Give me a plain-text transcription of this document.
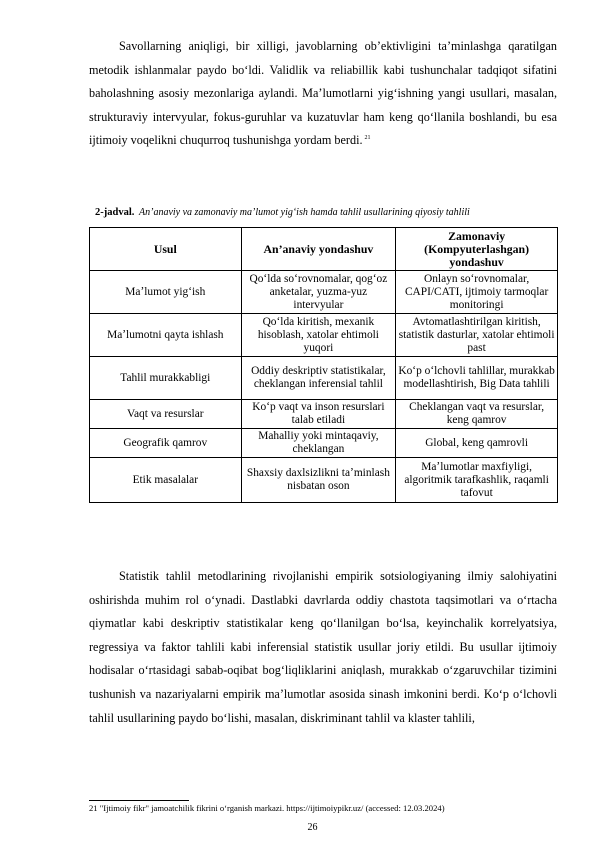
Savollarning aniqligi, bir xilligi, javoblarning obʼektivligini taʼminlashga qaratilgan metodik ishlanmalar paydo boʻldi. Validlik va reliabillik kabi tushunchalar tadqiqot sifatini baholashning asosiy mezonlariga aylandi. Maʼlumotlarni yigʻishning yangi usullari, masalan, strukturaviy intervyular, fokus-guruhlar va kuzatuvlar ham keng qoʻllanila boshlandi, bu esa ijtimoiy voqelikni chuqurroq tushunishga yordam berdi. $^{21}$

2-jadval. An’anaviy va zamonaviy maʼlumot yigʻish hamda tahlil usullarining qiyosiy tahlili
Usul	An’anaviy yondashuv	Zamonaviy (Kompyuterlashgan) yondashuv
Maʼlumot yigʻish	Qoʻlda soʻrovnomalar, qogʻoz anketalar, yuzma-yuz intervyular	Onlayn soʻrovnomalar, CAPI/CATI, ijtimoiy tarmoqlar monitoringi
Maʼlumotni qayta ishlash	Qoʻlda kiritish, mexanik hisoblash, xatolar ehtimoli yuqori	Avtomatlashtirilgan kiritish, statistik dasturlar, xatolar ehtimoli past
Tahlil murakkabligi	Oddiy deskriptiv statistikalar, cheklangan inferensial tahlil	Koʻp oʻlchovli tahlillar, murakkab modellashtirish, Big Data tahlili
Vaqt va resurslar	Koʻp vaqt va inson resurslari talab etiladi	Cheklangan vaqt va resurslar, keng qamrov
Geografik qamrov	Mahalliy yoki mintaqaviy, cheklangan	Global, keng qamrovli
Etik masalalar	Shaxsiy daxlsizlikni taʼminlash nisbatan oson	Maʼlumotlar maxfiyligi, algoritmik tarafkashlik, raqamli tafovut

Statistik tahlil metodlarining rivojlanishi empirik sotsiologiyaning ilmiy salohiyatini oshirishda muhim rol oʻynadi. Dastlabki davrlarda oddiy chastota taqsimotlari va oʻrtacha qiymatlar kabi deskriptiv statistikalar keng qoʻllanilgan boʻlsa, keyinchalik korrelyatsiya, regressiya va faktor tahlili kabi inferensial statistik usullar joriy etildi. Bu usullar ijtimoiy hodisalar oʻrtasidagi sabab-oqibat bogʻliqliklarini aniqlash, murakkab oʻzgaruvchilar tizimini tushunish va nazariyalarni empirik maʼlumotlar asosida sinash imkonini berdi. Koʻp oʻlchovli tahlil usullarining paydo boʻlishi, masalan, diskriminant tahlil va klaster tahlili,

21 "Ijtimoiy fikr" jamoatchilik fikrini oʻrganish markazi. https://ijtimoiypikr.uz/ (accessed: 12.03.2024)
26
